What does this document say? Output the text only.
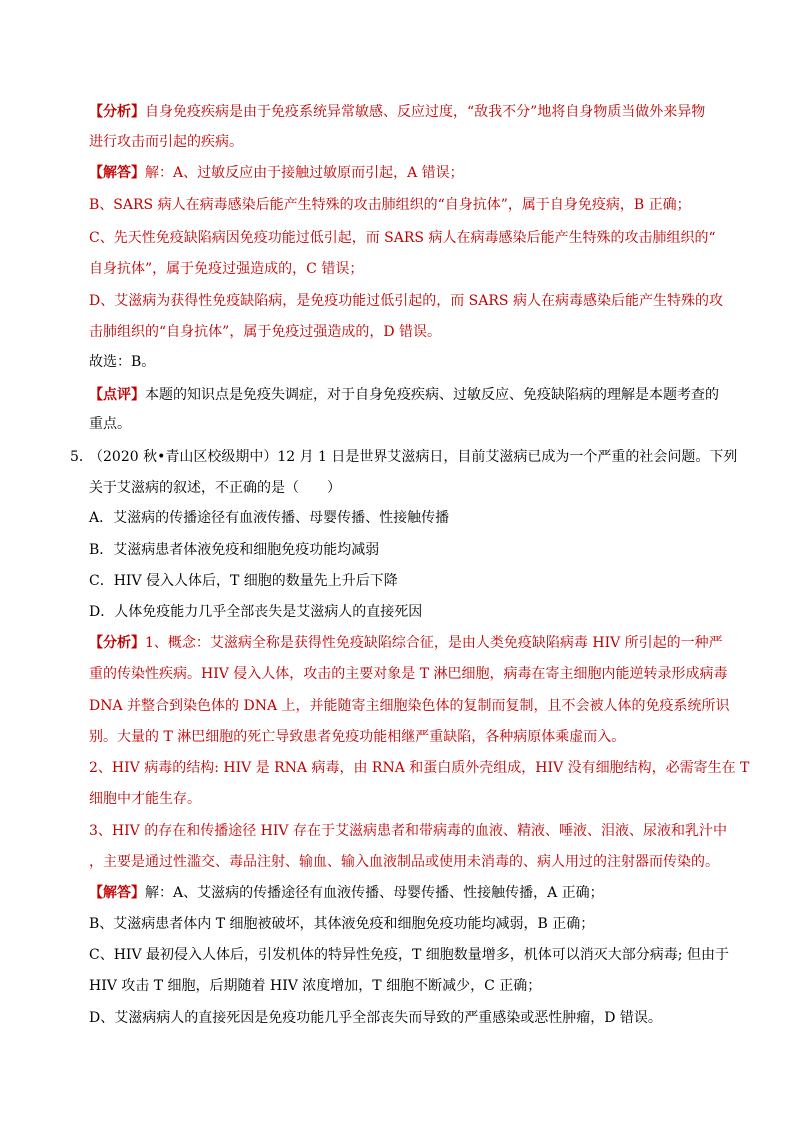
【分析】自身免疫疾病是由于免疫系统异常敏感、反应过度，“敌我不分”地将自身物质当做外来异物
进行攻击而引起的疾病。
【解答】解：A、过敏反应由于接触过敏原而引起，A 错误；
B、SARS 病人在病毒感染后能产生特殊的攻击肺组织的“自身抗体”，属于自身免疫病，B 正确；
C、先天性免疫缺陷病因免疫功能过低引起，而 SARS 病人在病毒感染后能产生特殊的攻击肺组织的“
自身抗体”，属于免疫过强造成的，C 错误；
D、艾滋病为获得性免疫缺陷病，是免疫功能过低引起的，而 SARS 病人在病毒感染后能产生特殊的攻
击肺组织的“自身抗体”，属于免疫过强造成的，D 错误。
故选：B。
【点评】本题的知识点是免疫失调症，对于自身免疫疾病、过敏反应、免疫缺陷病的理解是本题考查的
重点。
5．
（2020 秋•青山区校级期中）12 月 1 日是世界艾滋病日，目前艾滋病已成为一个严重的社会问题。下列
关于艾滋病的叙述，不正确的是（　　）
A．艾滋病的传播途径有血液传播、母婴传播、性接触传播
B．艾滋病患者体液免疫和细胞免疫功能均减弱
C．HIV 侵入人体后，T 细胞的数量先上升后下降
D．人体免疫能力几乎全部丧失是艾滋病人的直接死因
【分析】1、概念：艾滋病全称是获得性免疫缺陷综合征，是由人类免疫缺陷病毒 HIV 所引起的一种严
重的传染性疾病。HIV 侵入人体，攻击的主要对象是 T 淋巴细胞，病毒在寄主细胞内能逆转录形成病毒
DNA 并整合到染色体的 DNA 上，并能随寄主细胞染色体的复制而复制，且不会被人体的免疫系统所识
别。大量的 T 淋巴细胞的死亡导致患者免疫功能相继严重缺陷，各种病原体乘虚而入。
2、HIV 病毒的结构: HIV 是 RNA 病毒，由 RNA 和蛋白质外壳组成，HIV 没有细胞结构，必需寄生在 T
细胞中才能生存。
3、HIV 的存在和传播途径 HIV 存在于艾滋病患者和带病毒的血液、精液、唾液、泪液、尿液和乳汁中
，主要是通过性滥交、毒品注射、输血、输入血液制品或使用未消毒的、病人用过的注射器而传染的。
【解答】解：A、艾滋病的传播途径有血液传播、母婴传播、性接触传播，A 正确；
B、艾滋病患者体内 T 细胞被破坏，其体液免疫和细胞免疫功能均减弱，B 正确；
C、HIV 最初侵入人体后，引发机体的特异性免疫，T 细胞数量增多，机体可以消灭大部分病毒; 但由于
HIV 攻击 T 细胞，后期随着 HIV 浓度增加，T 细胞不断减少，C 正确；
D、艾滋病病人的直接死因是免疫功能几乎全部丧失而导致的严重感染或恶性肿瘤，D 错误。
